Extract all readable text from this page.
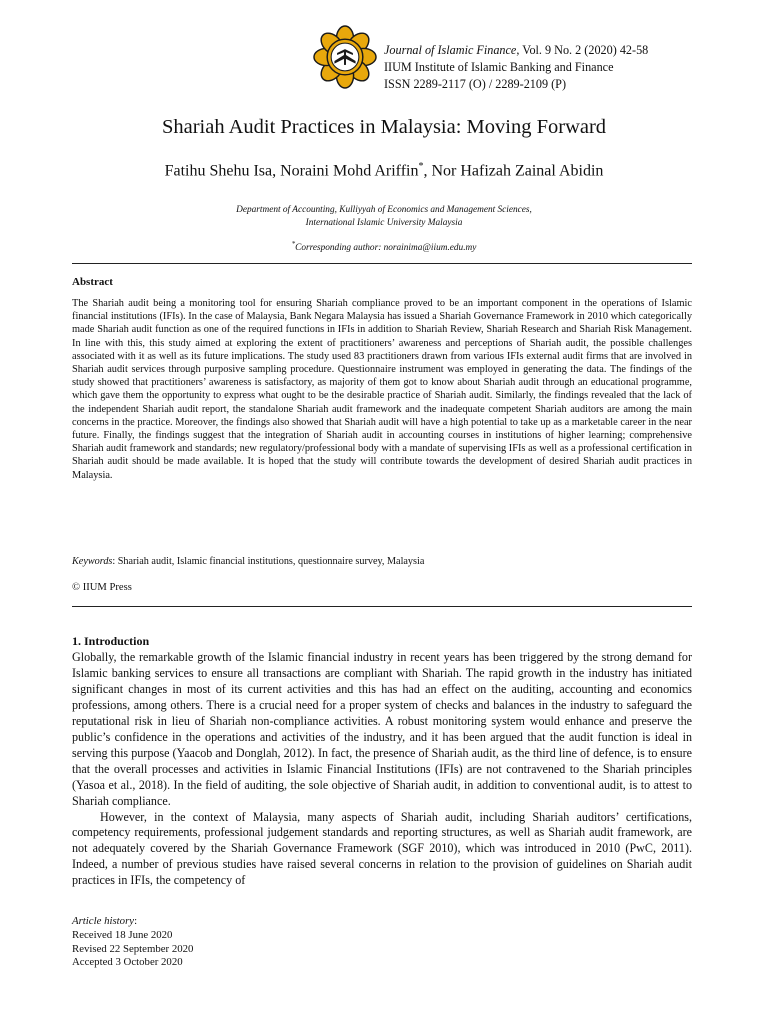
Journal of Islamic Finance, Vol. 9 No. 2 (2020) 42-58
IIUM Institute of Islamic Banking and Finance
ISSN 2289-2117 (O) / 2289-2109 (P)
Shariah Audit Practices in Malaysia: Moving Forward
Fatihu Shehu Isa, Noraini Mohd Ariffin*, Nor Hafizah Zainal Abidin
Department of Accounting, Kulliyyah of Economics and Management Sciences,
International Islamic University Malaysia
*Corresponding author: norainima@iium.edu.my
Abstract
The Shariah audit being a monitoring tool for ensuring Shariah compliance proved to be an important component in the operations of Islamic financial institutions (IFIs). In the case of Malaysia, Bank Negara Malaysia has issued a Shariah Governance Framework in 2010 which categorically made Shariah audit function as one of the required functions in IFIs in addition to Shariah Review, Shariah Research and Shariah Risk Management. In line with this, this study aimed at exploring the extent of practitioners’ awareness and perceptions of Shariah audit, the possible challenges associated with it as well as its future implications. The study used 83 practitioners drawn from various IFIs external audit firms that are involved in Shariah audit services through purposive sampling procedure. Questionnaire instrument was employed in generating the data. The findings of the study showed that practitioners’ awareness is satisfactory, as majority of them got to know about Shariah audit through an educational programme, which gave them the opportunity to express what ought to be the desirable practice of Shariah audit. Similarly, the findings revealed that the lack of the independent Shariah audit report, the standalone Shariah audit framework and the inadequate competent Shariah auditors are among the main concerns in the practice. Moreover, the findings also showed that Shariah audit will have a high potential to take up as a marketable career in the near future. Finally, the findings suggest that the integration of Shariah audit in accounting courses in institutions of higher learning; comprehensive Shariah audit framework and standards; new regulatory/professional body with a mandate of supervising IFIs as well as a professional certification in Shariah audit should be made available. It is hoped that the study will contribute towards the development of desired Shariah audit practices in Malaysia.
Keywords: Shariah audit, Islamic financial institutions, questionnaire survey, Malaysia
© IIUM Press
1. Introduction

Globally, the remarkable growth of the Islamic financial industry in recent years has been triggered by the strong demand for Islamic banking services to ensure all transactions are compliant with Shariah. The rapid growth in the industry has initiated significant changes in most of its current activities and this has had an effect on the auditing, accounting and economics professions, among others. There is a crucial need for a proper system of checks and balances in the industry to safeguard the reputational risk in lieu of Shariah non-compliance activities. A robust monitoring system would enhance and preserve the public’s confidence in the operations and activities of the industry, and it has been argued that the audit function is ideal in serving this purpose (Yaacob and Donglah, 2012). In fact, the presence of Shariah audit, as the third line of defence, is to ensure that the overall processes and activities in Islamic Financial Institutions (IFIs) are not contravened to the Shariah principles (Yasoa et al., 2018). In the field of auditing, the sole objective of Shariah audit, in addition to conventional audit, is to attest to Shariah compliance.

However, in the context of Malaysia, many aspects of Shariah audit, including Shariah auditors’ certifications, competency requirements, professional judgement standards and reporting structures, as well as Shariah audit framework, are not adequately covered by the Shariah Governance Framework (SGF 2010), which was introduced in 2010 (PwC, 2011). Indeed, a number of previous studies have raised several concerns in relation to the provision of guidelines on Shariah audit practices in IFIs, the competency of

Article history:
Received 18 June 2020
Revised 22 September 2020
Accepted 3 October 2020
